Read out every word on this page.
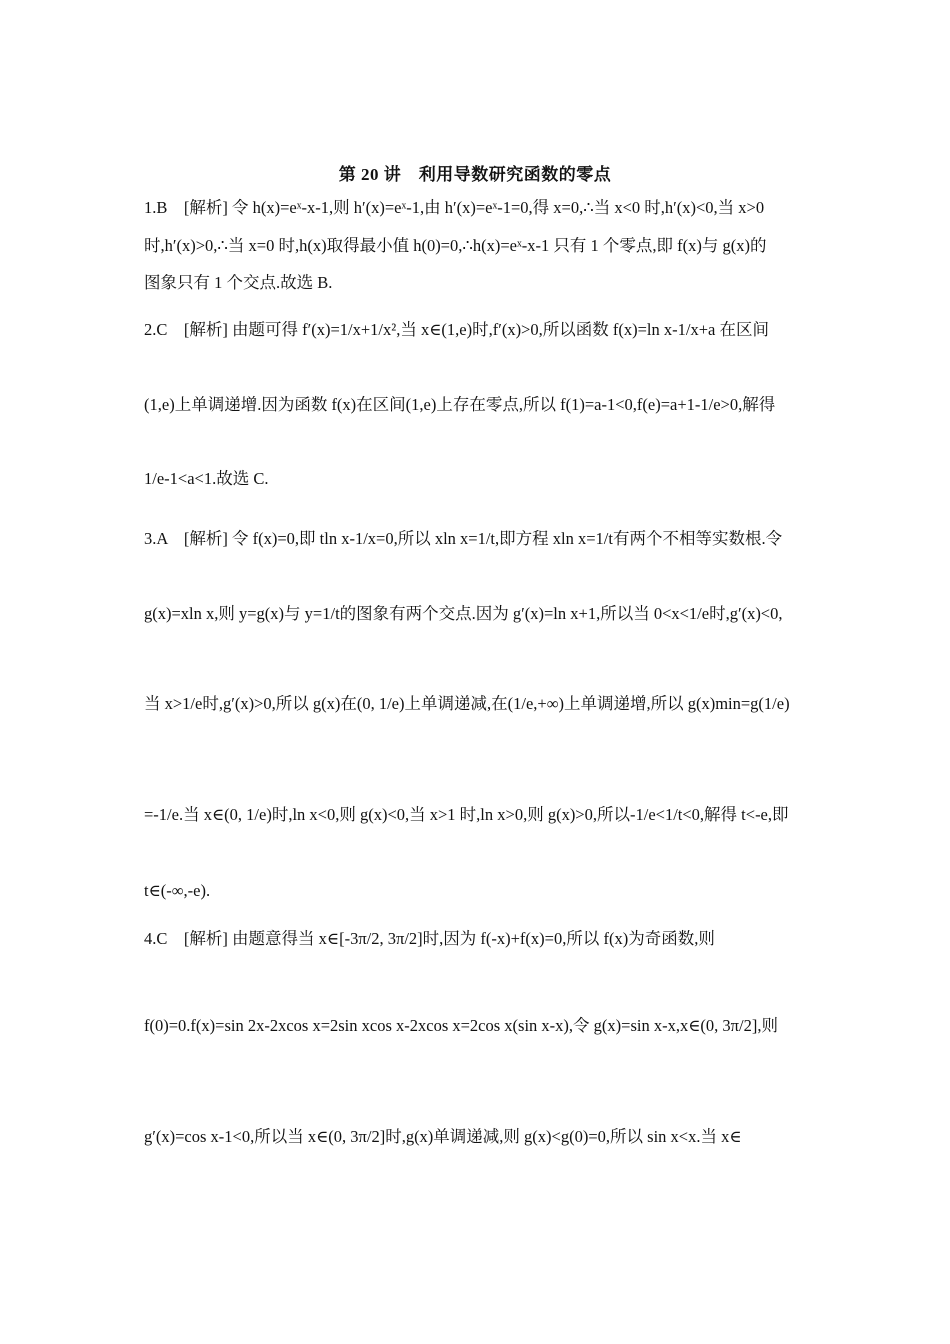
第 20 讲　利用导数研究函数的零点
1.B　[解析] 令 h(x)=eˣ-x-1,则 h′(x)=eˣ-1,由 h′(x)=eˣ-1=0,得 x=0,∴当 x<0 时,h′(x)<0,当 x>0
时,h′(x)>0,∴当 x=0 时,h(x)取得最小值 h(0)=0,∴h(x)=eˣ-x-1 只有 1 个零点,即 f(x)与 g(x)的
图象只有 1 个交点.故选 B.
2.C　[解析] 由题可得 f′(x)=1/x+1/x²,当 x∈(1,e)时,f′(x)>0,所以函数 f(x)=ln x-1/x+a 在区间
(1,e)上单调递增.因为函数 f(x)在区间(1,e)上存在零点,所以 f(1)=a-1<0,f(e)=a+1-1/e>0,解得
1/e-1<a<1.故选 C.
3.A　[解析] 令 f(x)=0,即 tln x-1/x=0,所以 xln x=1/t,即方程 xln x=1/t有两个不相等实数根.令
g(x)=xln x,则 y=g(x)与 y=1/t的图象有两个交点.因为 g′(x)=ln x+1,所以当 0<x<1/e时,g′(x)<0,
当 x>1/e时,g′(x)>0,所以 g(x)在(0, 1/e)上单调递减,在(1/e,+∞)上单调递增,所以 g(x)min=g(1/e)
=-1/e.当 x∈(0, 1/e)时,ln x<0,则 g(x)<0,当 x>1 时,ln x>0,则 g(x)>0,所以-1/e<1/t<0,解得 t<-e,即
t∈(-∞,-e).
4.C　[解析] 由题意得当 x∈[-3π/2, 3π/2]时,因为 f(-x)+f(x)=0,所以 f(x)为奇函数,则
f(0)=0.f(x)=sin 2x-2xcos x=2sin xcos x-2xcos x=2cos x(sin x-x),令 g(x)=sin x-x,x∈(0, 3π/2],则
g′(x)=cos x-1<0,所以当 x∈(0, 3π/2]时,g(x)单调递减,则 g(x)<g(0)=0,所以 sin x<x.当 x∈
